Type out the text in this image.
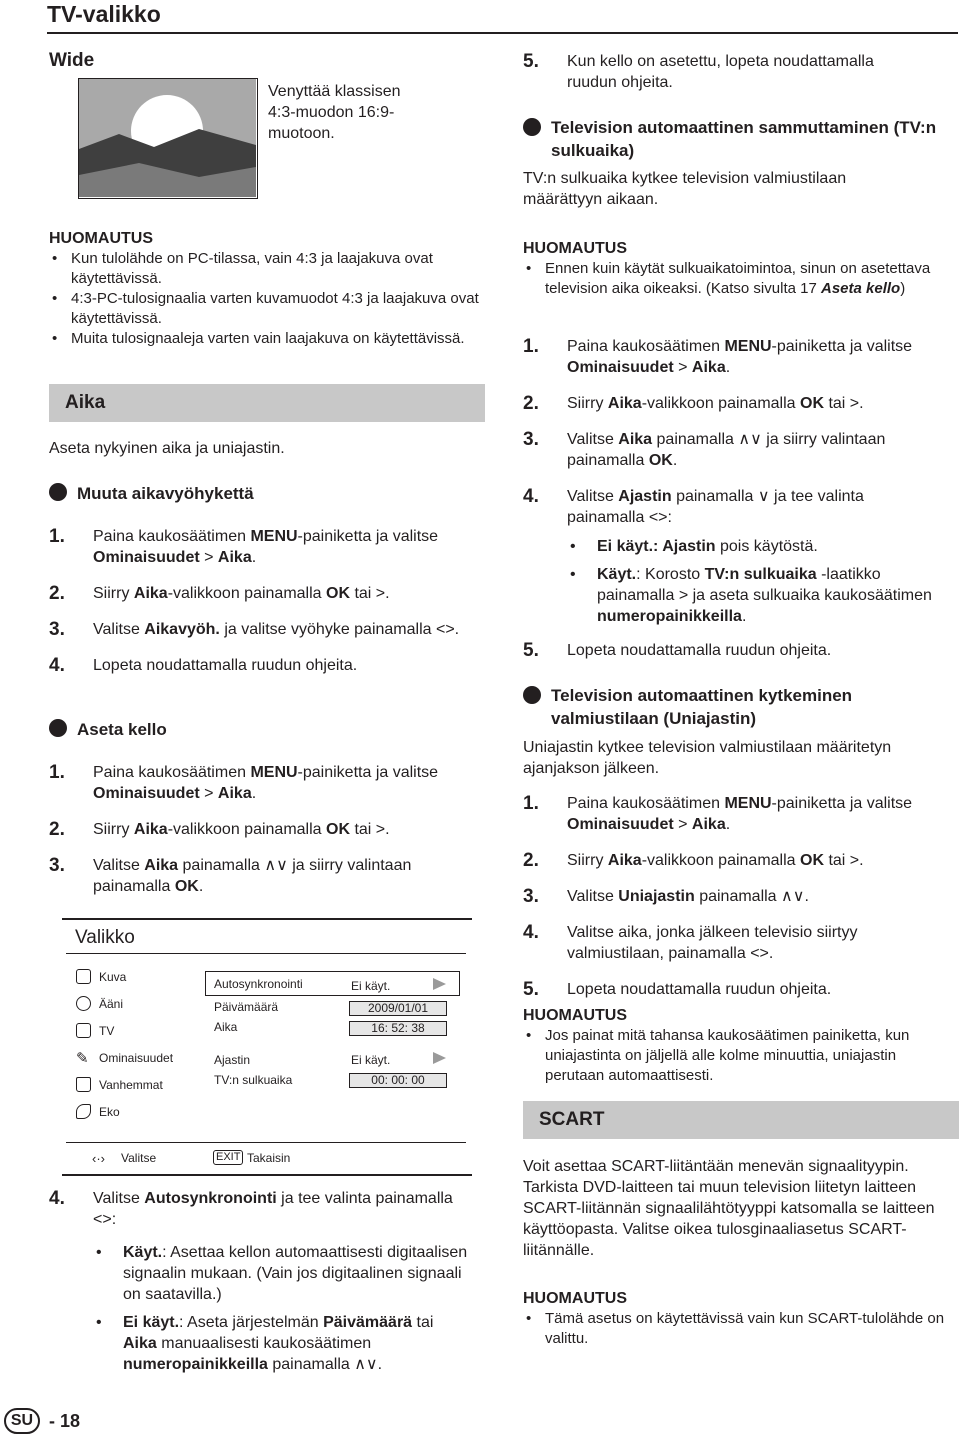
TV-valikko
Wide
Venyttää klassisen 4:3-muodon 16:9-muotoon.
HUOMAUTUS
• Kun tulolähde on PC-tilassa, vain 4:3 ja laajakuva ovat käytettävissä.
• 4:3-PC-tulosignaalia varten kuvamuodot 4:3 ja laajakuva ovat käytettävissä.
• Muita tulosignaaleja varten vain laajakuva on käytettävissä.
Aika
Aseta nykyinen aika ja uniajastin.
Muuta aikavyöhykettä
1.	Paina kaukosäätimen MENU-painiketta ja valitse Ominaisuudet > Aika.
2.	Siirry Aika-valikkoon painamalla OK tai >.
3.	Valitse Aikavyöh. ja valitse vyöhyke painamalla <>.
4.	Lopeta noudattamalla ruudun ohjeita.
Aseta kello
1.	Paina kaukosäätimen MENU-painiketta ja valitse Ominaisuudet > Aika.
2.	Siirry Aika-valikkoon painamalla OK tai >.
3.	Valitse Aika painamalla ∧∨ ja siirry valintaan painamalla OK.
Valikko
Kuva
Ääni
TV
✎ Ominaisuudet
Vanhemmat
Eko
Autosynkronointi	Ei käyt.
Päivämäärä	2009/01/01
Aika	16: 52: 38
Ajastin	Ei käyt.
TV:n sulkuaika	00: 00: 00
‹·› Valitse	EXIT Takaisin
4.	Valitse Autosynkronointi ja tee valinta painamalla <>:
• Käyt.: Asettaa kellon automaattisesti digitaalisen signaalin mukaan. (Vain jos digitaalinen signaali on saatavilla.)
• Ei käyt.: Aseta järjestelmän Päivämäärä tai Aika manuaalisesti kaukosäätimen numeropainikkeilla painamalla ∧∨.
5.	Kun kello on asetettu, lopeta noudattamalla ruudun ohjeita.
Television automaattinen sammuttaminen (TV:n sulkuaika)
TV:n sulkuaika kytkee television valmiustilaan määrättyyn aikaan.
HUOMAUTUS
• Ennen kuin käytät sulkuaikatoimintoa, sinun on asetettava television aika oikeaksi. (Katso sivulta 17 Aseta kello)
1.	Paina kaukosäätimen MENU-painiketta ja valitse Ominaisuudet > Aika.
2.	Siirry Aika-valikkoon painamalla OK tai >.
3.	Valitse Aika painamalla ∧∨ ja siirry valintaan painamalla OK.
4.	Valitse Ajastin painamalla ∨ ja tee valinta painamalla <>:
• Ei käyt.: Ajastin pois käytöstä.
• Käyt.: Korosto TV:n sulkuaika -laatikko painamalla > ja aseta sulkuaika kaukosäätimen numeropainikkeilla.
5.	Lopeta noudattamalla ruudun ohjeita.
Television automaattinen kytkeminen valmiustilaan (Uniajastin)
Uniajastin kytkee television valmiustilaan määritetyn ajanjakson jälkeen.
1.	Paina kaukosäätimen MENU-painiketta ja valitse Ominaisuudet > Aika.
2.	Siirry Aika-valikkoon painamalla OK tai >.
3.	Valitse Uniajastin painamalla ∧∨.
4.	Valitse aika, jonka jälkeen televisio siirtyy valmiustilaan, painamalla <>.
5.	Lopeta noudattamalla ruudun ohjeita.
HUOMAUTUS
• Jos painat mitä tahansa kaukosäätimen painiketta, kun uniajastinta on jäljellä alle kolme minuuttia, uniajastin perutaan automaattisesti.
SCART
Voit asettaa SCART-liitäntään menevän signaalityypin. Tarkista DVD-laitteen tai muun television liitetyn laitteen SCART-liitännän signaalilähtötyyppi katsomalla se laitteen käyttöopasta. Valitse oikea tulosginaaliasetus SCART-liitännälle.
HUOMAUTUS
• Tämä asetus on käytettävissä vain kun SCART-tulolähde on valittu.
SU - 18
